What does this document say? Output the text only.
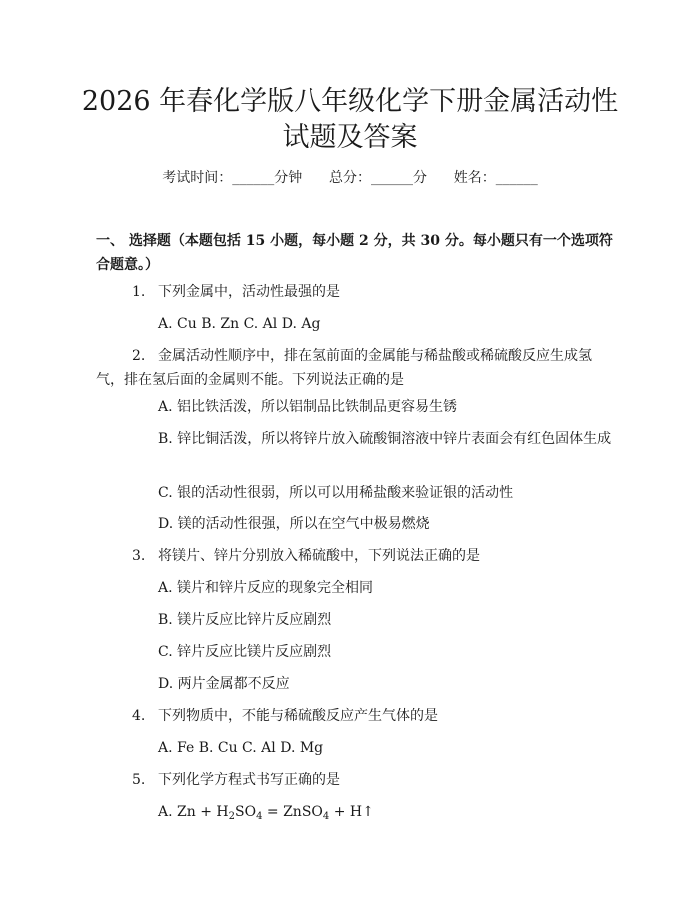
2026 年春化学版八年级化学下册金属活动性
试题及答案
考试时间：______分钟      总分：______分      姓名：______
一、 选择题（本题包括 15 小题，每小题 2 分，共 30 分。每小题只有一个选项符合题意。）
1. 下列金属中，活动性最强的是
A. Cu B. Zn C. Al D. Ag
2. 金属活动性顺序中，排在氢前面的金属能与稀盐酸或稀硫酸反应生成氢气，排在氢后面的金属则不能。下列说法正确的是
A. 铝比铁活泼，所以铝制品比铁制品更容易生锈
B. 锌比铜活泼，所以将锌片放入硫酸铜溶液中锌片表面会有红色固体生成
C. 银的活动性很弱，所以可以用稀盐酸来验证银的活动性
D. 镁的活动性很强，所以在空气中极易燃烧
3. 将镁片、锌片分别放入稀硫酸中，下列说法正确的是
A. 镁片和锌片反应的现象完全相同
B. 镁片反应比锌片反应剧烈
C. 锌片反应比镁片反应剧烈
D. 两片金属都不反应
4. 下列物质中，不能与稀硫酸反应产生气体的是
A. Fe B. Cu C. Al D. Mg
5. 下列化学方程式书写正确的是
A. $Zn + H_2SO_4$ = ZnSO$_4$ + H↑
